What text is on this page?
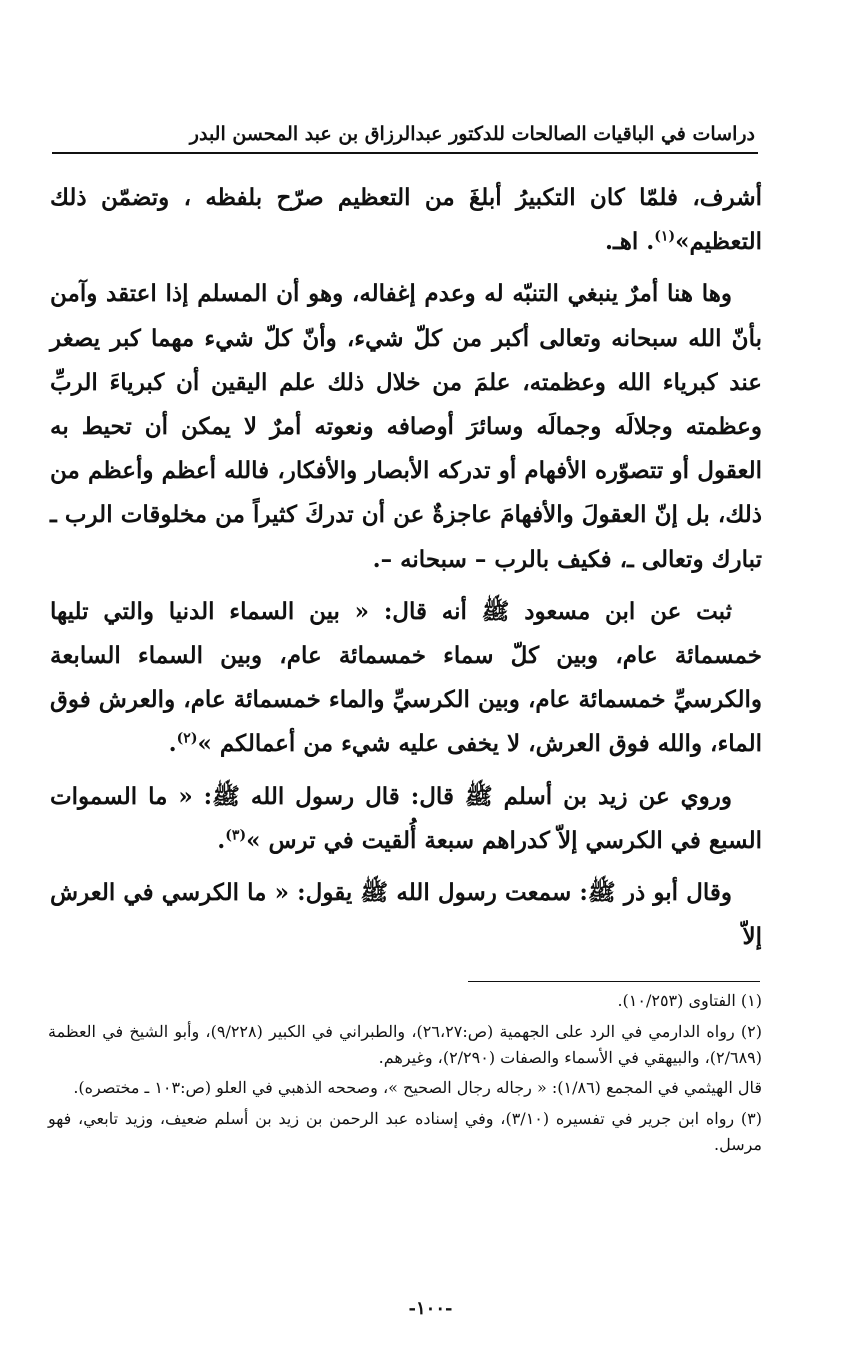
دراسات في الباقيات الصالحات للدكتور عبدالرزاق بن عبد المحسن البدر

أشرف، فلمّا كان التكبيرُ أبلغَ من التعظيم صرّح بلفظه ، وتضمّن ذلك التعظيم»$^{(١)}$. اهـ.

وها هنا أمرٌ ينبغي التنبّه له وعدم إغفاله، وهو أن المسلم إذا اعتقد وآمن بأنّ الله سبحانه وتعالى أكبر من كلّ شيء، وأنّ كلّ شيء مهما كبر يصغر عند كبرياء الله وعظمته، علمَ من خلال ذلك علم اليقين أن كبرياءَ الربِّ وعظمته وجلالَه وجمالَه وسائرَ أوصافه ونعوته أمرٌ لا يمكن أن تحيط به العقول أو تتصوّره الأفهام أو تدركه الأبصار والأفكار، فالله أعظم وأعظم من ذلك، بل إنّ العقولَ والأفهامَ عاجزةٌ عن أن تدركَ كثيراً من مخلوقات الرب ـ تبارك وتعالى ـ، فكيف بالرب – سبحانه –.

ثبت عن ابن مسعود ﷺ أنه قال: « بين السماء الدنيا والتي تليها خمسمائة عام، وبين كلّ سماء خمسمائة عام، وبين السماء السابعة والكرسيِّ خمسمائة عام، وبين الكرسيِّ والماء خمسمائة عام، والعرش فوق الماء، والله فوق العرش، لا يخفى عليه شيء من أعمالكم »$^{(٢)}$.

وروي عن زيد بن أسلم ﷺ قال: قال رسول الله ﷺ: « ما السموات السبع في الكرسي إلاّ كدراهم سبعة أُلقيت في ترس »$^{(٣)}$.

وقال أبو ذر ﷺ: سمعت رسول الله ﷺ يقول: « ما الكرسي في العرش إلاّ

(١) الفتاوى (١٠/٢٥٣).

(٢) رواه الدارمي في الرد على الجهمية (ص:٢٦،٢٧)، والطبراني في الكبير (٩/٢٢٨)، وأبو الشيخ في العظمة (٢/٦٨٩)، والبيهقي في الأسماء والصفات (٢/٢٩٠)، وغيرهم.

قال الهيثمي في المجمع (١/٨٦): « رجاله رجال الصحيح »، وصححه الذهبي في العلو (ص:١٠٣ ـ مختصره).

(٣) رواه ابن جرير في تفسيره (٣/١٠)، وفي إسناده عبد الرحمن بن زيد بن أسلم ضعيف، وزيد تابعي، فهو مرسل.

-١٠٠-
